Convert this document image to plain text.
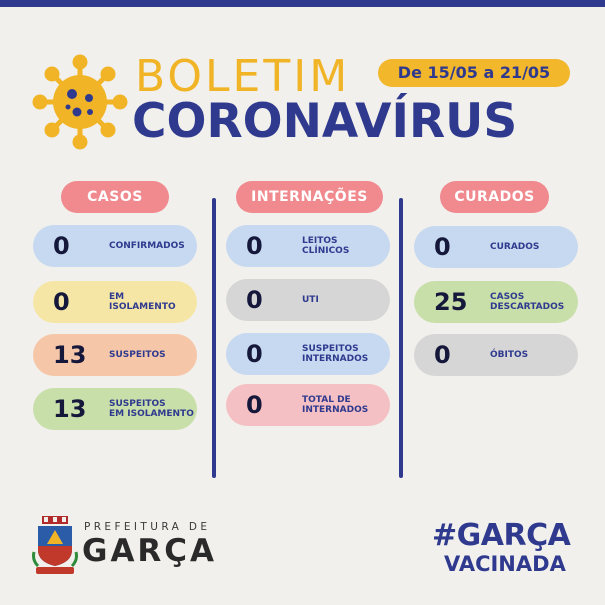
BOLETIM
CORONAVÍRUS
De 15/05 a 21/05
CASOS	INTERNAÇÕES	CURADOS
0	CONFIRMADOS
0	EM
ISOLAMENTO
13	SUSPEITOS
13	SUSPEITOS
EM ISOLAMENTO
0	LEITOS
CLÍNICOS
0	UTI
0	SUSPEITOS
INTERNADOS
0	TOTAL DE
INTERNADOS
0	CURADOS
25	CASOS
DESCARTADOS
0	ÓBITOS
PREFEITURA DE
GARÇA	#GARÇA
VACINADA
